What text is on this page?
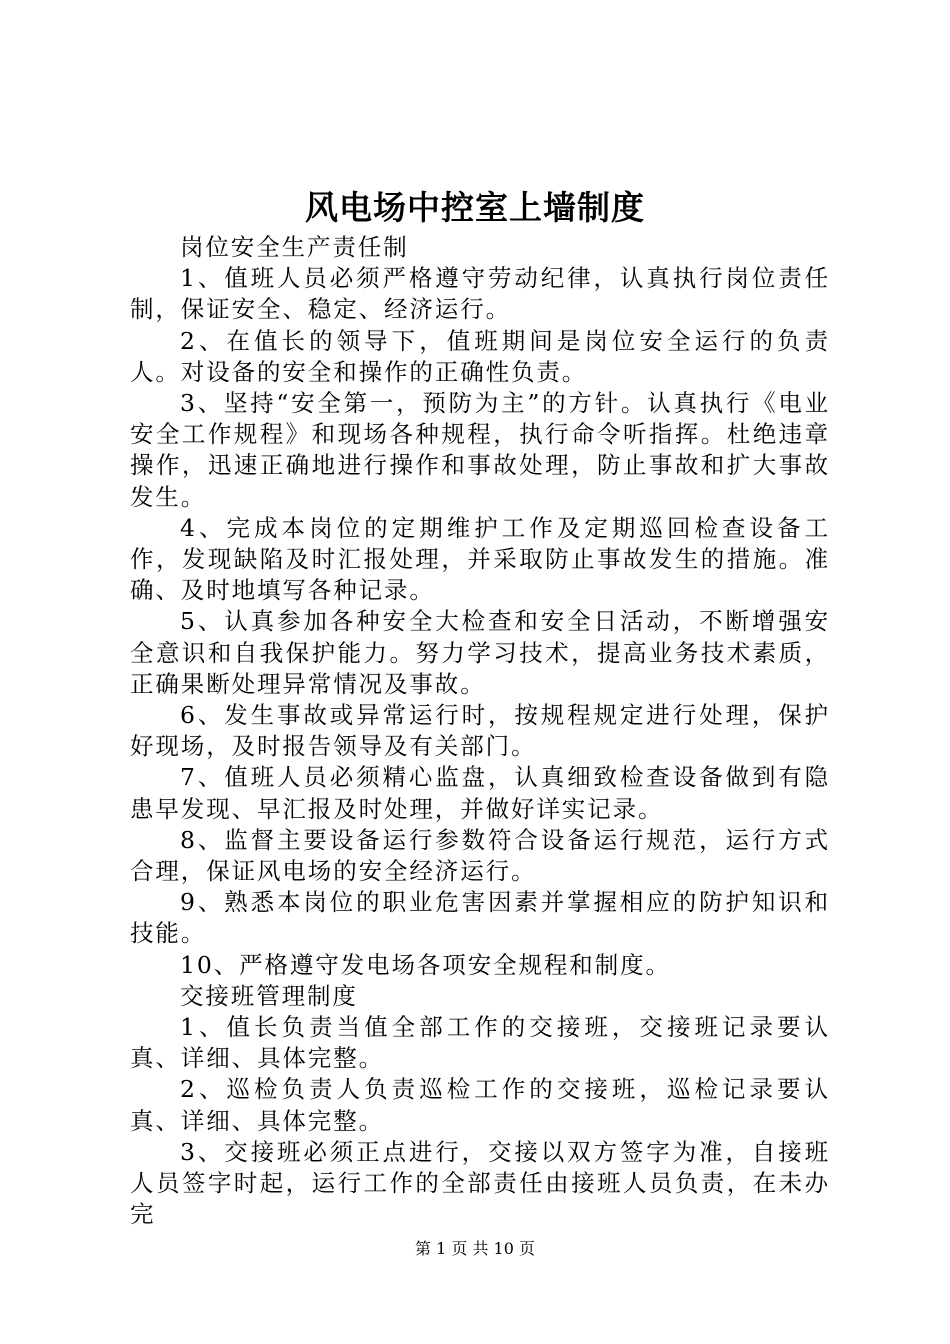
风电场中控室上墙制度

岗位安全生产责任制

1、值班人员必须严格遵守劳动纪律，认真执行岗位责任制，保证安全、稳定、经济运行。

2、在值长的领导下，值班期间是岗位安全运行的负责人。对设备的安全和操作的正确性负责。

3、坚持“安全第一，预防为主”的方针。认真执行《电业安全工作规程》和现场各种规程，执行命令听指挥。杜绝违章操作，迅速正确地进行操作和事故处理，防止事故和扩大事故发生。

4、完成本岗位的定期维护工作及定期巡回检查设备工作，发现缺陷及时汇报处理，并采取防止事故发生的措施。准确、及时地填写各种记录。

5、认真参加各种安全大检查和安全日活动，不断增强安全意识和自我保护能力。努力学习技术，提高业务技术素质，正确果断处理异常情况及事故。

6、发生事故或异常运行时，按规程规定进行处理，保护好现场，及时报告领导及有关部门。

7、值班人员必须精心监盘，认真细致检查设备做到有隐患早发现、早汇报及时处理，并做好详实记录。

8、监督主要设备运行参数符合设备运行规范，运行方式合理，保证风电场的安全经济运行。

9、熟悉本岗位的职业危害因素并掌握相应的防护知识和技能。

10、严格遵守发电场各项安全规程和制度。

交接班管理制度

1、值长负责当值全部工作的交接班，交接班记录要认真、详细、具体完整。

2、巡检负责人负责巡检工作的交接班，巡检记录要认真、详细、具体完整。

3、交接班必须正点进行，交接以双方签字为准，自接班人员签字时起，运行工作的全部责任由接班人员负责，在未办完

第 1 页 共 10 页
